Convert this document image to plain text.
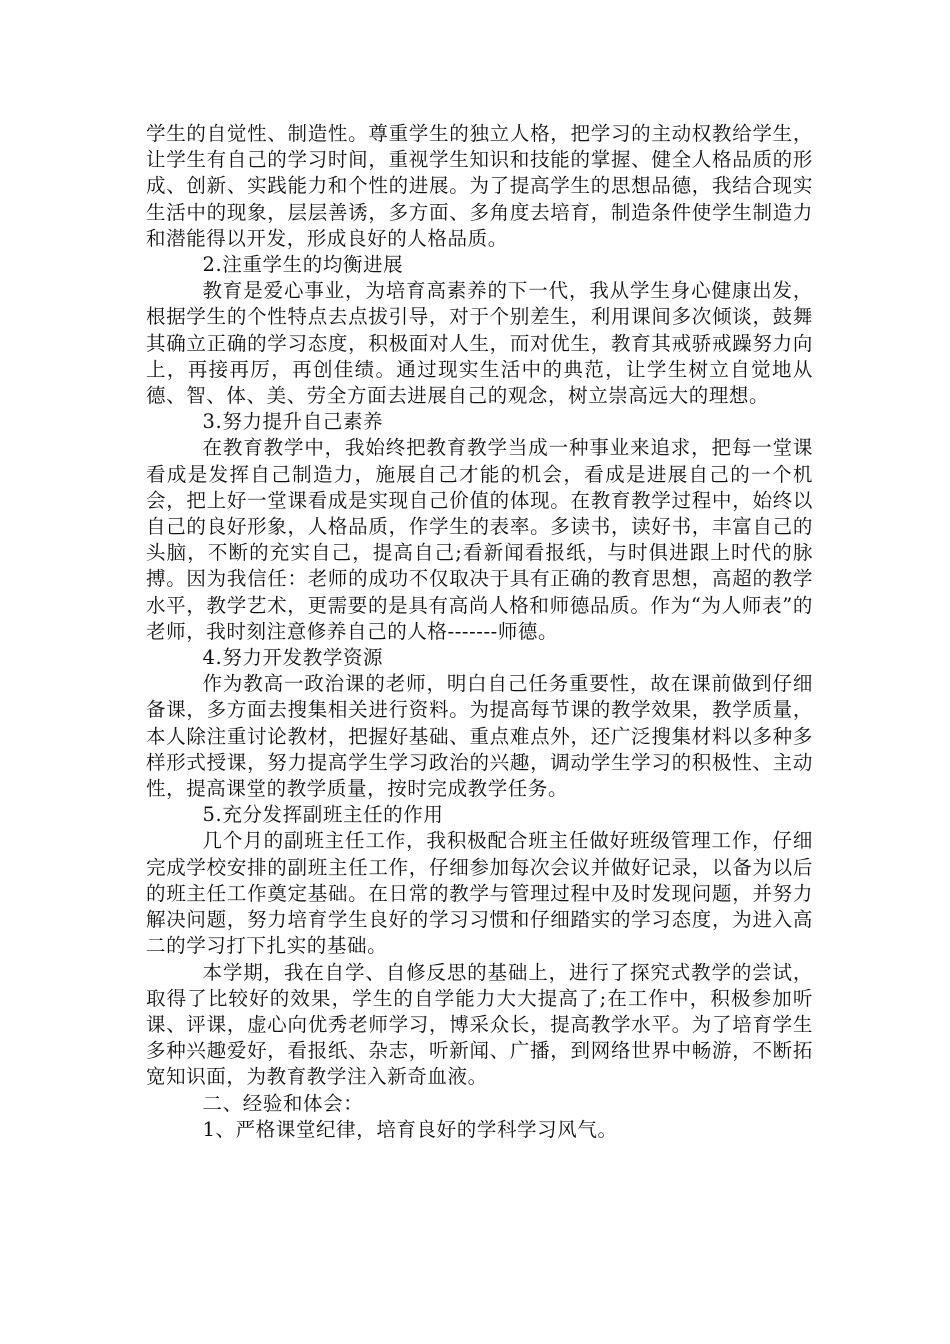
学生的自觉性、制造性。尊重学生的独立人格，把学习的主动权教给学生，让学生有自己的学习时间，重视学生知识和技能的掌握、健全人格品质的形成、创新、实践能力和个性的进展。为了提高学生的思想品德，我结合现实生活中的现象，层层善诱，多方面、多角度去培育，制造条件使学生制造力和潜能得以开发，形成良好的人格品质。

2.注重学生的均衡进展

教育是爱心事业，为培育高素养的下一代，我从学生身心健康出发，根据学生的个性特点去点拔引导，对于个别差生，利用课间多次倾谈，鼓舞其确立正确的学习态度，积极面对人生，而对优生，教育其戒骄戒躁努力向上，再接再厉，再创佳绩。通过现实生活中的典范，让学生树立自觉地从德、智、体、美、劳全方面去进展自己的观念，树立崇高远大的理想。

3.努力提升自己素养

在教育教学中，我始终把教育教学当成一种事业来追求，把每一堂课看成是发挥自己制造力，施展自己才能的机会，看成是进展自己的一个机会，把上好一堂课看成是实现自己价值的体现。在教育教学过程中，始终以自己的良好形象，人格品质，作学生的表率。多读书，读好书，丰富自己的头脑，不断的充实自己，提高自己;看新闻看报纸，与时俱进跟上时代的脉搏。因为我信任：老师的成功不仅取决于具有正确的教育思想，高超的教学水平，教学艺术，更需要的是具有高尚人格和师德品质。作为“为人师表”的老师，我时刻注意修养自己的人格-------师德。

4.努力开发教学资源

作为教高一政治课的老师，明白自己任务重要性，故在课前做到仔细备课，多方面去搜集相关进行资料。为提高每节课的教学效果，教学质量，本人除注重讨论教材，把握好基础、重点难点外，还广泛搜集材料以多种多样形式授课，努力提高学生学习政治的兴趣，调动学生学习的积极性、主动性，提高课堂的教学质量，按时完成教学任务。

5.充分发挥副班主任的作用

几个月的副班主任工作，我积极配合班主任做好班级管理工作，仔细完成学校安排的副班主任工作，仔细参加每次会议并做好记录，以备为以后的班主任工作奠定基础。在日常的教学与管理过程中及时发现问题，并努力解决问题，努力培育学生良好的学习习惯和仔细踏实的学习态度，为进入高二的学习打下扎实的基础。

本学期，我在自学、自修反思的基础上，进行了探究式教学的尝试，取得了比较好的效果，学生的自学能力大大提高了;在工作中，积极参加听课、评课，虚心向优秀老师学习，博采众长，提高教学水平。为了培育学生多种兴趣爱好，看报纸、杂志，听新闻、广播，到网络世界中畅游，不断拓宽知识面，为教育教学注入新奇血液。

二、经验和体会：

1、严格课堂纪律，培育良好的学科学习风气。
